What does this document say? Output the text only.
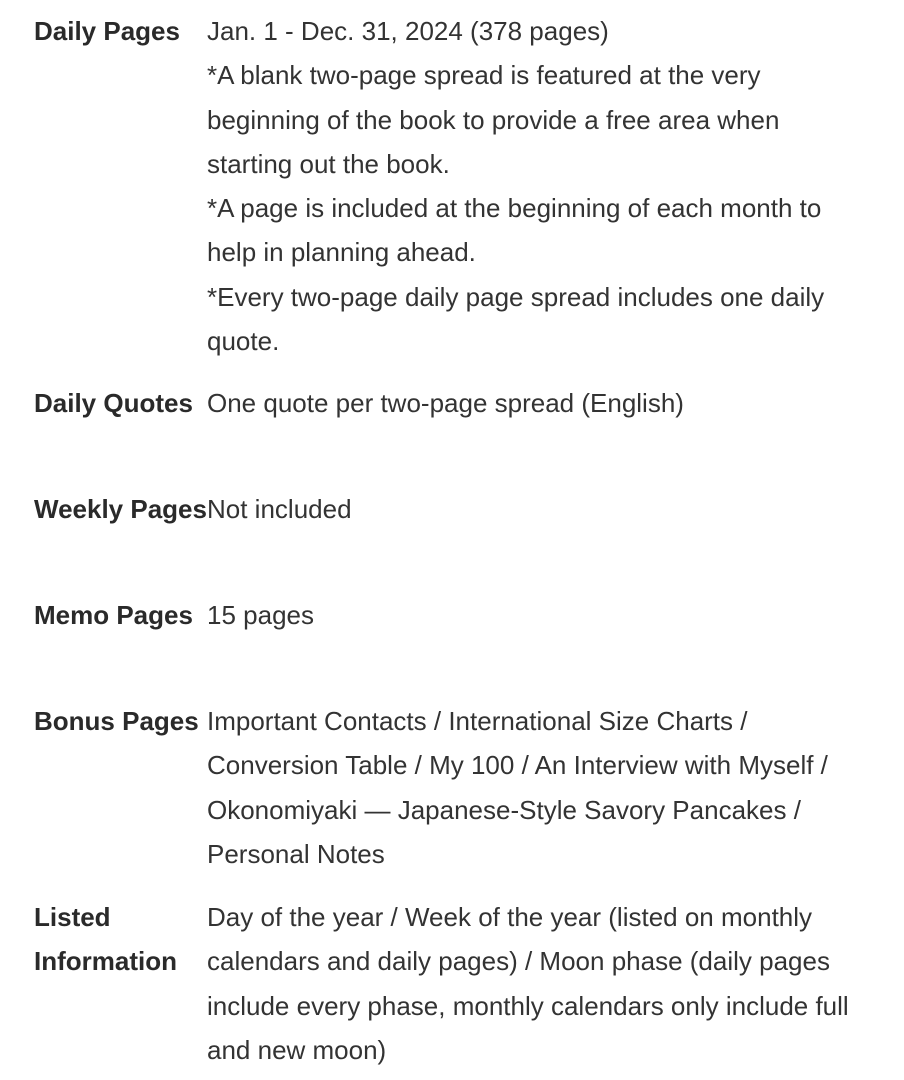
Daily Pages	Jan. 1 - Dec. 31, 2024 (378 pages)

*A blank two-page spread is featured at the very beginning of the book to provide a free area when starting out the book.

*A page is included at the beginning of each month to help in planning ahead.

*Every two-page daily page spread includes one daily quote.

Daily Quotes One quote per two-page spread (English)
Weekly Pages Not included
Memo Pages 15 pages
Bonus Pages Important Contacts / International Size Charts / Conversion Table / My 100 / An Interview with Myself / Okonomiyaki — Japanese-Style Savory Pancakes / Personal Notes
Listed Information
Day of the year / Week of the year (listed on monthly calendars and daily pages) / Moon phase (daily pages include every phase, monthly calendars only include full and new moon)
